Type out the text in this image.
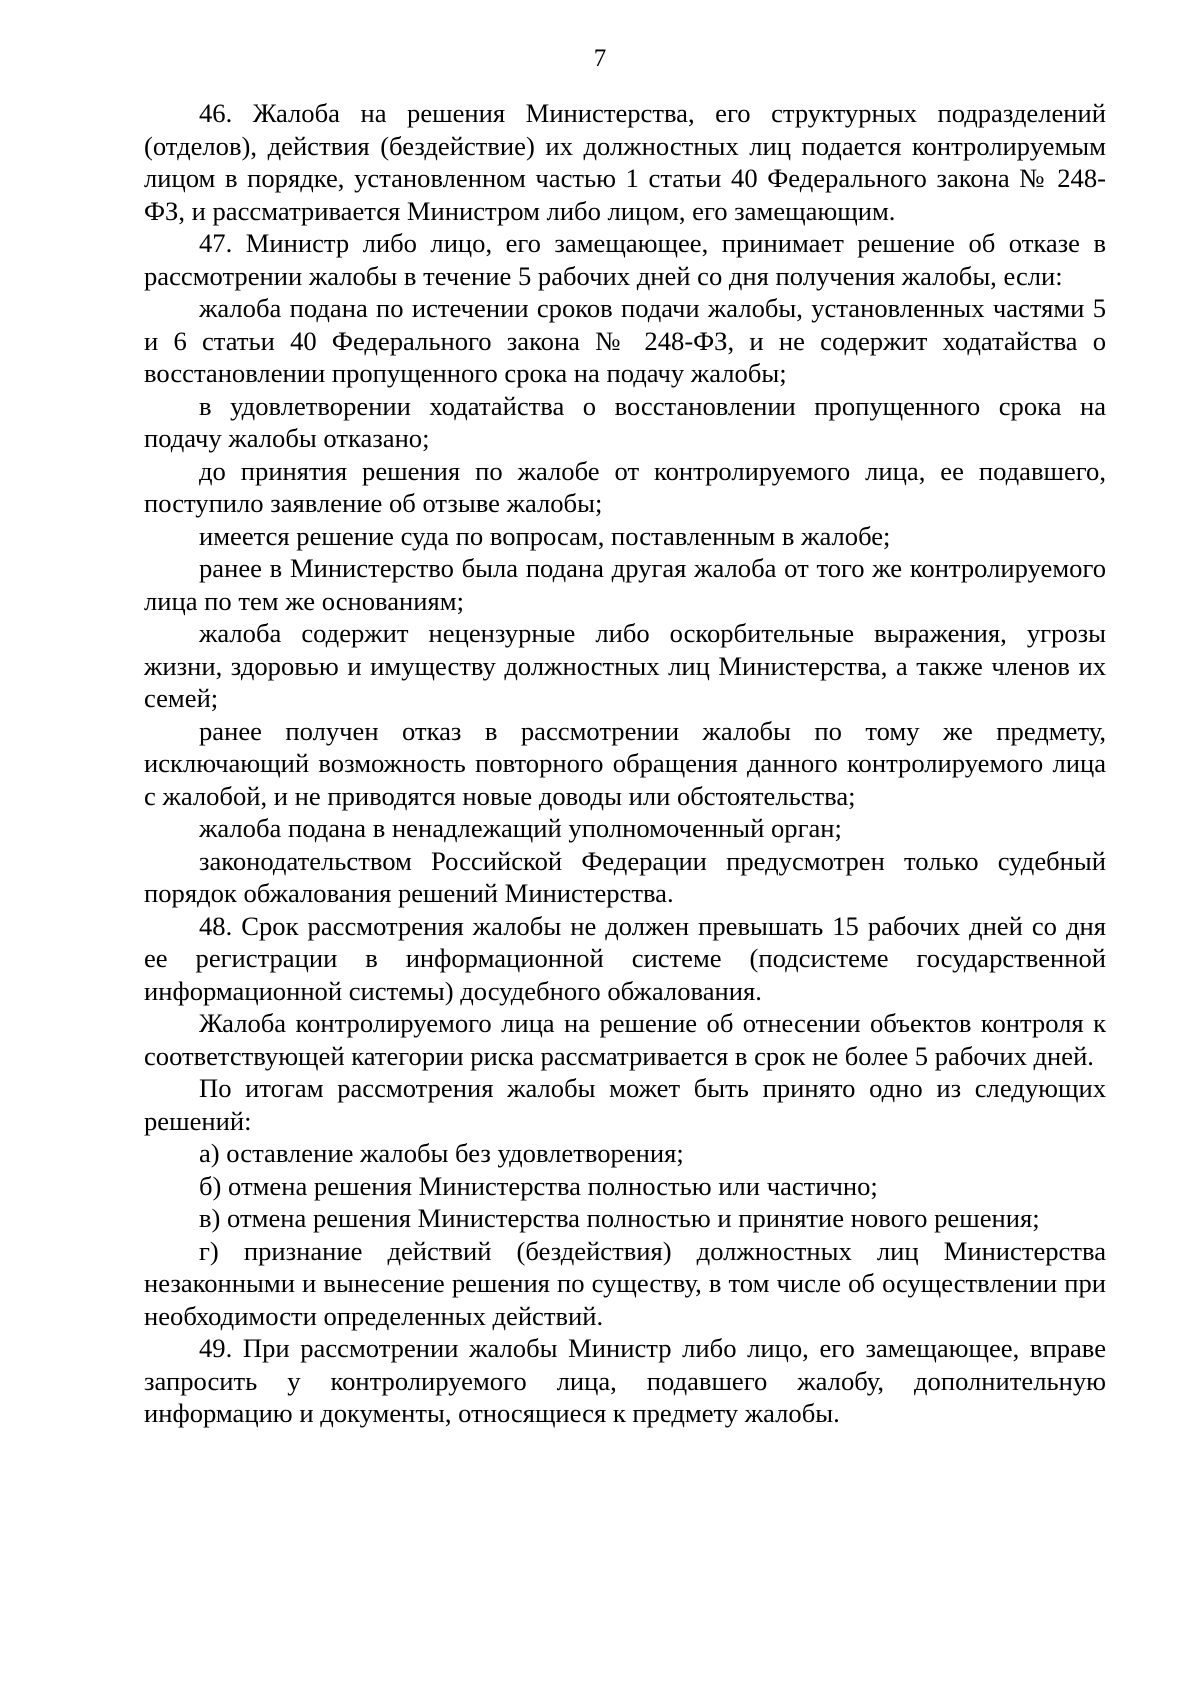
7

46. Жалоба на решения Министерства, его структурных подразделений (отделов), действия (бездействие) их должностных лиц подается контролируемым лицом в порядке, установленном частью 1 статьи 40 Федерального закона № 248-ФЗ, и рассматривается Министром либо лицом, его замещающим.

47. Министр либо лицо, его замещающее, принимает решение об отказе в рассмотрении жалобы в течение 5 рабочих дней со дня получения жалобы, если:

жалоба подана по истечении сроков подачи жалобы, установленных частями 5 и 6 статьи 40 Федерального закона № 248-ФЗ, и не содержит ходатайства о восстановлении пропущенного срока на подачу жалобы;

в удовлетворении ходатайства о восстановлении пропущенного срока на подачу жалобы отказано;

до принятия решения по жалобе от контролируемого лица, ее подавшего, поступило заявление об отзыве жалобы;

имеется решение суда по вопросам, поставленным в жалобе;

ранее в Министерство была подана другая жалоба от того же контролируемого лица по тем же основаниям;

жалоба содержит нецензурные либо оскорбительные выражения, угрозы жизни, здоровью и имуществу должностных лиц Министерства, а также членов их семей;

ранее получен отказ в рассмотрении жалобы по тому же предмету, исключающий возможность повторного обращения данного контролируемого лица с жалобой, и не приводятся новые доводы или обстоятельства;

жалоба подана в ненадлежащий уполномоченный орган;

законодательством Российской Федерации предусмотрен только судебный порядок обжалования решений Министерства.

48. Срок рассмотрения жалобы не должен превышать 15 рабочих дней со дня ее регистрации в информационной системе (подсистеме государственной информационной системы) досудебного обжалования.

Жалоба контролируемого лица на решение об отнесении объектов контроля к соответствующей категории риска рассматривается в срок не более 5 рабочих дней.

По итогам рассмотрения жалобы может быть принято одно из следующих решений:

а) оставление жалобы без удовлетворения;

б) отмена решения Министерства полностью или частично;

в) отмена решения Министерства полностью и принятие нового решения;

г) признание действий (бездействия) должностных лиц Министерства незаконными и вынесение решения по существу, в том числе об осуществлении при необходимости определенных действий.

49. При рассмотрении жалобы Министр либо лицо, его замещающее, вправе запросить у контролируемого лица, подавшего жалобу, дополнительную информацию и документы, относящиеся к предмету жалобы.
